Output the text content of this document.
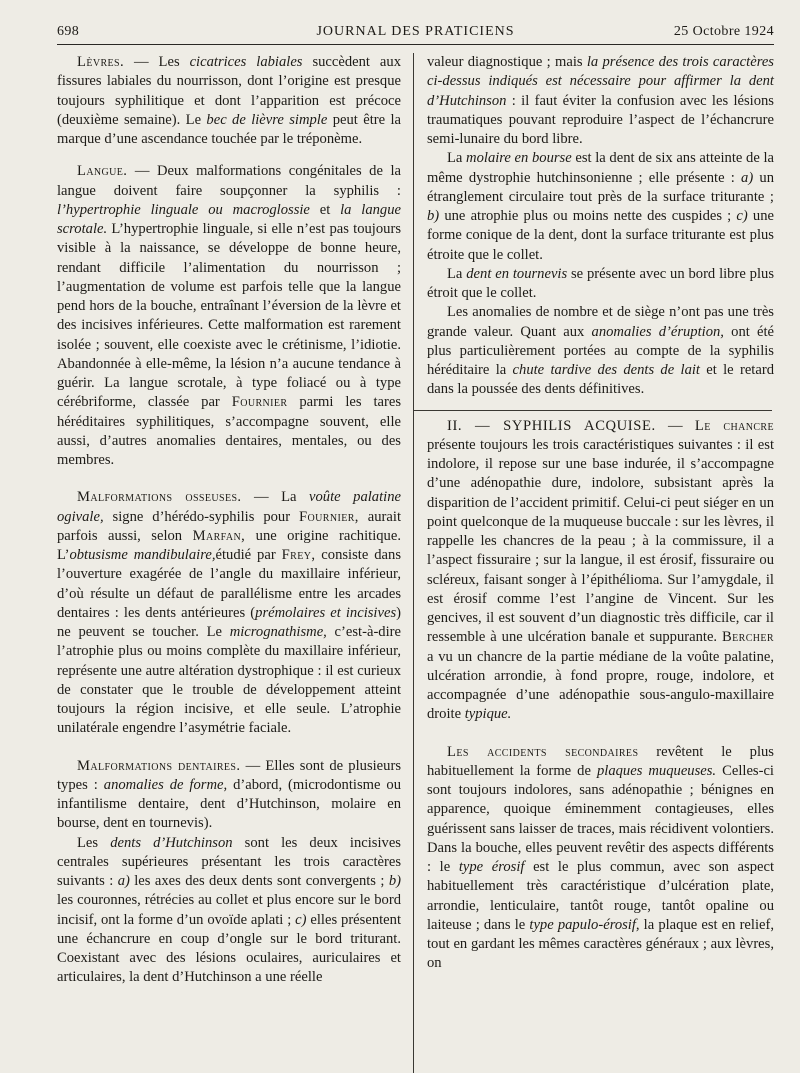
698	JOURNAL DES PRATICIENS	25 Octobre 1924

Lèvres. — Les cicatrices labiales succèdent aux fissures labiales du nourrisson, dont l’origine est presque toujours syphilitique et dont l’apparition est précoce (deuxième semaine). Le bec de lièvre simple peut être la marque d’une ascendance touchée par le tréponème.

Langue. — Deux malformations congénitales de la langue doivent faire soupçonner la syphilis : l’hypertrophie linguale ou macroglossie et la langue scrotale. L’hypertrophie linguale, si elle n’est pas toujours visible à la naissance, se développe de bonne heure, rendant difficile l’alimentation du nourrisson ; l’augmentation de volume est parfois telle que la langue pend hors de la bouche, entraînant l’éversion de la lèvre et des incisives inférieures. Cette malformation est rarement isolée ; souvent, elle coexiste avec le crétinisme, l’idiotie. Abandonnée à elle-même, la lésion n’a aucune tendance à guérir. La langue scrotale, à type foliacé ou à type cérébriforme, classée par Fournier parmi les tares héréditaires syphilitiques, s’accompagne souvent, elle aussi, d’autres anomalies dentaires, mentales, ou des membres.

Malformations osseuses. — La voûte palatine ogivale, signe d’hérédo-syphilis pour Fournier, aurait parfois aussi, selon Marfan, une origine rachitique. L’obtusisme mandibulaire,étudié par Frey, consiste dans l’ouverture exagérée de l’angle du maxillaire inférieur, d’où résulte un défaut de parallélisme entre les arcades dentaires : les dents antérieures (prémolaires et incisives) ne peuvent se toucher. Le micrognathisme, c’est-à-dire l’atrophie plus ou moins complète du maxillaire inférieur, représente une autre altération dystrophique : il est curieux de constater que le trouble de développement atteint toujours la région incisive, et elle seule. L’atrophie unilatérale engendre l’asymétrie faciale.

Malformations dentaires. — Elles sont de plusieurs types : anomalies de forme, d’abord, (microdontisme ou infantilisme dentaire, dent d’Hutchinson, molaire en bourse, dent en tournevis).

Les dents d’Hutchinson sont les deux incisives centrales supérieures présentant les trois caractères suivants : a) les axes des deux dents sont convergents ; b) les couronnes, rétrécies au collet et plus encore sur le bord incisif, ont la forme d’un ovoïde aplati ; c) elles présentent une échancrure en coup d’ongle sur le bord triturant. Coexistant avec des lésions oculaires, auriculaires et articulaires, la dent d’Hutchinson a une réelle

valeur diagnostique ; mais la présence des trois caractères ci-dessus indiqués est nécessaire pour affirmer la dent d’Hutchinson : il faut éviter la confusion avec les lésions traumatiques pouvant reproduire l’aspect de l’échancrure semi-lunaire du bord libre.

La molaire en bourse est la dent de six ans atteinte de la même dystrophie hutchinsonienne ; elle présente : a) un étranglement circulaire tout près de la surface triturante ; b) une atrophie plus ou moins nette des cuspides ; c) une forme conique de la dent, dont la surface triturante est plus étroite que le collet.

La dent en tournevis se présente avec un bord libre plus étroit que le collet.

Les anomalies de nombre et de siège n’ont pas une très grande valeur. Quant aux anomalies d’éruption, ont été plus particulièrement portées au compte de la syphilis héréditaire la chute tardive des dents de lait et le retard dans la poussée des dents définitives.

II. — SYPHILIS ACQUISE. — Le chancre présente toujours les trois caractéristiques suivantes : il est indolore, il repose sur une base indurée, il s’accompagne d’une adénopathie dure, indolore, subsistant après la disparition de l’accident primitif. Celui-ci peut siéger en un point quelconque de la muqueuse buccale : sur les lèvres, il rappelle les chancres de la peau ; à la commissure, il a l’aspect fissuraire ; sur la langue, il est érosif, fissuraire ou scléreux, faisant songer à l’épithélioma. Sur l’amygdale, il est érosif comme l’est l’angine de Vincent. Sur les gencives, il est souvent d’un diagnostic très difficile, car il ressemble à une ulcération banale et suppurante. Bercher a vu un chancre de la partie médiane de la voûte palatine, ulcération arrondie, à fond propre, rouge, indolore, et accompagnée d’une adénopathie sous-angulo-maxillaire droite typique.

Les accidents secondaires revêtent le plus habituellement la forme de plaques muqueuses. Celles-ci sont toujours indolores, sans adénopathie ; bénignes en apparence, quoique éminemment contagieuses, elles guérissent sans laisser de traces, mais récidivent volontiers. Dans la bouche, elles peuvent revêtir des aspects différents : le type érosif est le plus commun, avec son aspect habituellement très caractéristique d’ulcération plate, arrondie, lenticulaire, tantôt rouge, tantôt opaline ou laiteuse ; dans le type papulo-érosif, la plaque est en relief, tout en gardant les mêmes caractères généraux ; aux lèvres, on
